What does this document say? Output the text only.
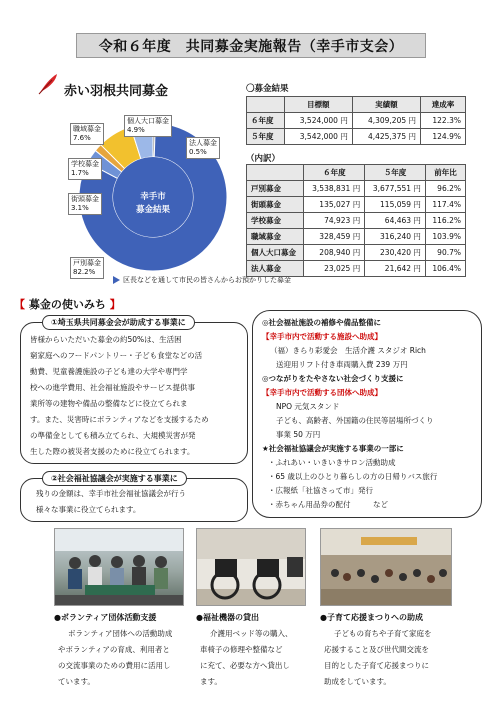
令和６年度　共同募金実施報告（幸手市支会）
赤い羽根共同募金
幸手市
募金結果
戸別募金
82.2%
街頭募金
3.1%
学校募金
1.7%
職域募金
7.6%
個人大口募金
4.9%
法人募金
0.5%
区長などを通して市民の皆さんからお預かりした募金
〇募金結果
	目標額	実績額	達成率
６年度	3,524,000 円	4,309,205 円	122.3%
５年度	3,542,000 円	4,425,375 円	124.9%
（内訳）
	６年度	５年度	前年比
戸別募金	3,538,831 円	3,677,551 円	96.2%
街頭募金	135,027 円	115,059 円	117.4%
学校募金	74,923 円	64,463 円	116.2%
職域募金	328,459 円	316,240 円	103.9%
個人大口募金	208,940 円	230,420 円	90.7%
法人募金	23,025 円	21,642 円	106.4%
【 募金の使いみち 】
①埼玉県共同募金会が助成する事業に
皆様からいただいた募金の約50%は、生活困
窮家庭へのフードパントリー・子ども食堂などの活
動費、児童養護施設の子ども達の大学や専門学
校への進学費用、社会福祉施設やサービス提供事
業所等の建物や備品の整備などに役立てられま
す。また、災害時にボランティアなどを支援するため
の準備金としても積み立てられ、大規模災害が発
生した際の被災者支援のために役立てられます。
②社会福祉協議会が実施する事業に
残りの金額は、幸手市社会福祉協議会が行う
様々な事業に役立てられます。
◎社会福祉施設の補修や備品整備に
【幸手市内で活動する施設へ助成】
（福）きらり彩愛会　生活介護 スタジオ Rich
送迎用リフト付き車両購入費 239 万円
◎つながりをたやさない社会づくり支援に
【幸手市内で活動する団体へ助成】
NPO 元気スタンド
子ども、高齢者、外国籍の住民等居場所づくり
事業 50 万円
★社会福祉協議会が実施する事業の一部に
・ふれあい・いきいきサロン活動助成
・65 歳以上のひとり暮らしの方の日帰りバス旅行
・広報紙「社協さって市」発行
・赤ちゃん用品券の配付　　　など
●ボランティア団体活動支援
ボランティア団体への活動助成
やボランティアの育成、利用者と
の交流事業のための費用に活用し
ています。
●福祉機器の貸出
介護用ベッド等の購入、
車椅子の修理や整備など
に充て、必要な方へ貸出し
ます。
●子育て応援まつりへの助成
子どもの育ちや子育て家庭を
応援すること及び世代間交流を
目的とした子育て応援まつりに
助成をしています。
